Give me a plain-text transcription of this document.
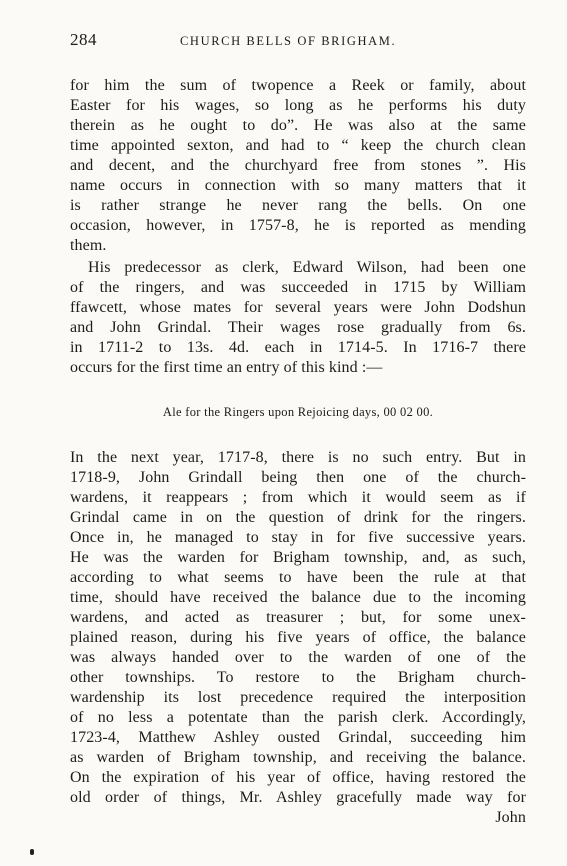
284	CHURCH BELLS OF BRIGHAM.
for him the sum of twopence a Reek or family, about
Easter for his wages, so long as he performs his duty
therein as he ought to do”. He was also at the same
time appointed sexton, and had to “ keep the church clean
and decent, and the churchyard free from stones ”. His
name occurs in connection with so many matters that it
is rather strange he never rang the bells. On one
occasion, however, in 1757-8, he is reported as mending
them.
His predecessor as clerk, Edward Wilson, had been one
of the ringers, and was succeeded in 1715 by William
ffawcett, whose mates for several years were John Dodshun
and John Grindal. Their wages rose gradually from 6s.
in 1711-2 to 13s. 4d. each in 1714-5. In 1716-7 there
occurs for the first time an entry of this kind :—
Ale for the Ringers upon Rejoicing days, 00 02 00.
In the next year, 1717-8, there is no such entry. But in
1718-9, John Grindall being then one of the church-
wardens, it reappears ; from which it would seem as if
Grindal came in on the question of drink for the ringers.
Once in, he managed to stay in for five successive years.
He was the warden for Brigham township, and, as such,
according to what seems to have been the rule at that
time, should have received the balance due to the incoming
wardens, and acted as treasurer ; but, for some unex-
plained reason, during his five years of office, the balance
was always handed over to the warden of one of the
other townships. To restore to the Brigham church-
wardenship its lost precedence required the interposition
of no less a potentate than the parish clerk. Accordingly,
1723-4, Matthew Ashley ousted Grindal, succeeding him
as warden of Brigham township, and receiving the balance.
On the expiration of his year of office, having restored the
old order of things, Mr. Ashley gracefully made way for
John
